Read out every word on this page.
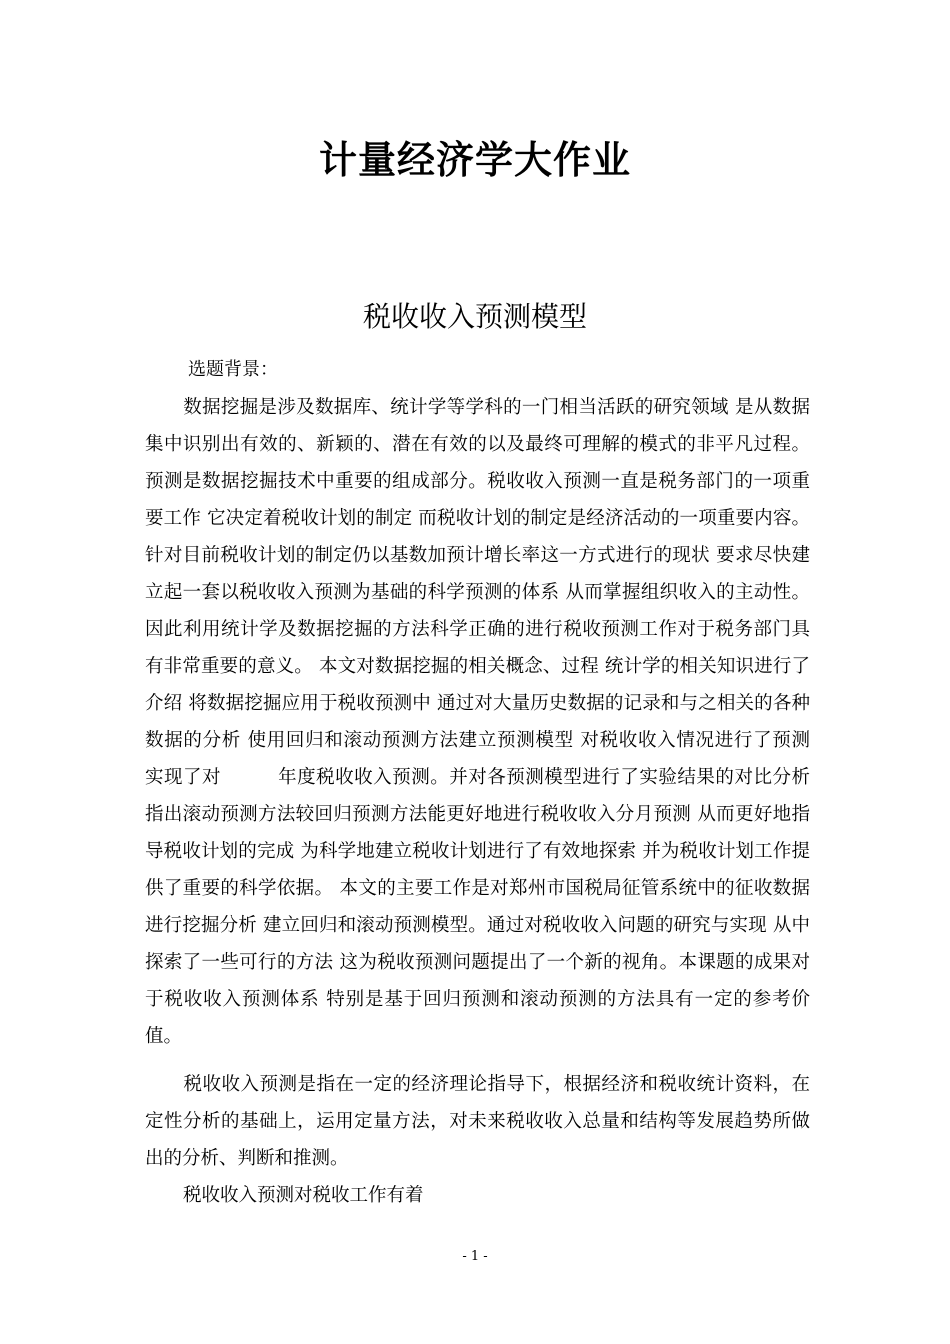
计量经济学大作业
税收收入预测模型
选题背景：

数据挖掘是涉及数据库、统计学等学科的一门相当活跃的研究领域 是从数据集中识别出有效的、新颖的、潜在有效的以及最终可理解的模式的非平凡过程。预测是数据挖掘技术中重要的组成部分。税收收入预测一直是税务部门的一项重要工作 它决定着税收计划的制定 而税收计划的制定是经济活动的一项重要内容。针对目前税收计划的制定仍以基数加预计增长率这一方式进行的现状 要求尽快建立起一套以税收收入预测为基础的科学预测的体系 从而掌握组织收入的主动性。因此利用统计学及数据挖掘的方法科学正确的进行税收预测工作对于税务部门具有非常重要的意义。 本文对数据挖掘的相关概念、过程 统计学的相关知识进行了介绍 将数据挖掘应用于税收预测中 通过对大量历史数据的记录和与之相关的各种数据的分析 使用回归和滚动预测方法建立预测模型 对税收收入情况进行了预测 实现了对　　　年度税收收入预测。并对各预测模型进行了实验结果的对比分析 指出滚动预测方法较回归预测方法能更好地进行税收收入分月预测 从而更好地指导税收计划的完成 为科学地建立税收计划进行了有效地探索 并为税收计划工作提供了重要的科学依据。 本文的主要工作是对郑州市国税局征管系统中的征收数据进行挖掘分析 建立回归和滚动预测模型。通过对税收收入问题的研究与实现 从中探索了一些可行的方法 这为税收预测问题提出了一个新的视角。本课题的成果对于税收收入预测体系 特别是基于回归预测和滚动预测的方法具有一定的参考价值。

税收收入预测是指在一定的经济理论指导下，根据经济和税收统计资料，在定性分析的基础上，运用定量方法，对未来税收收入总量和结构等发展趋势所做出的分析、判断和推测。

税收收入预测对税收工作有着

- 1 -
